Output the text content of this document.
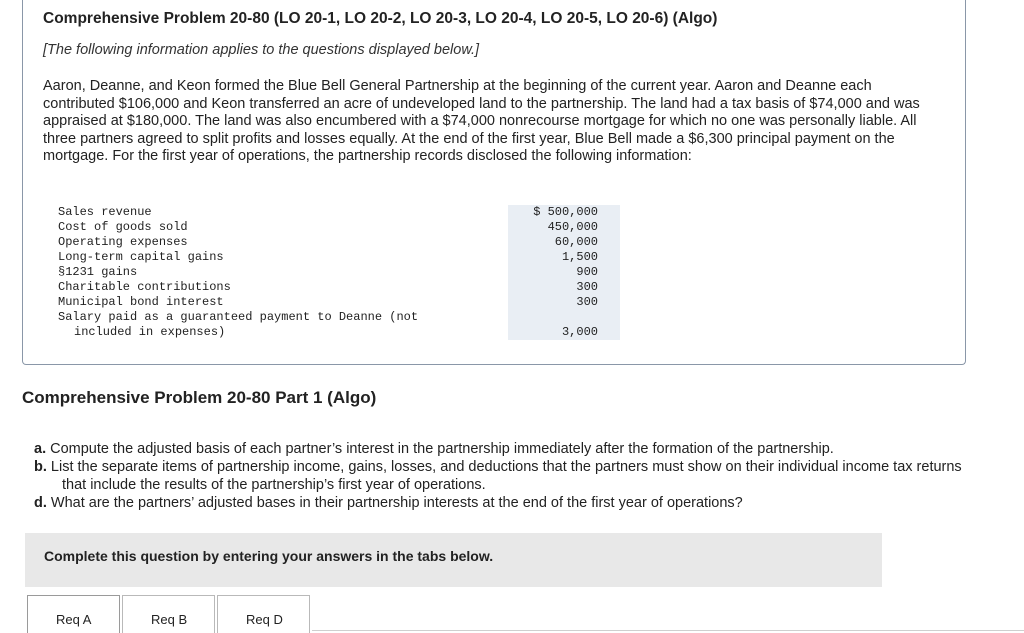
Comprehensive Problem 20-80 (LO 20-1, LO 20-2, LO 20-3, LO 20-4, LO 20-5, LO 20-6) (Algo)

[The following information applies to the questions displayed below.]

Aaron, Deanne, and Keon formed the Blue Bell General Partnership at the beginning of the current year. Aaron and Deanne each contributed $106,000 and Keon transferred an acre of undeveloped land to the partnership. The land had a tax basis of $74,000 and was appraised at $180,000. The land was also encumbered with a $74,000 nonrecourse mortgage for which no one was personally liable. All three partners agreed to split profits and losses equally. At the end of the first year, Blue Bell made a $6,300 principal payment on the mortgage. For the first year of operations, the partnership records disclosed the following information:

Sales revenue	$ 500,000
Cost of goods sold	450,000
Operating expenses	60,000
Long-term capital gains	1,500
§1231 gains	900
Charitable contributions	300
Municipal bond interest	300
Salary paid as a guaranteed payment to Deanne (not
included in expenses)	3,000
Comprehensive Problem 20-80 Part 1 (Algo)

a. Compute the adjusted basis of each partner’s interest in the partnership immediately after the formation of the partnership.

b. List the separate items of partnership income, gains, losses, and deductions that the partners must show on their individual income tax returns that include the results of the partnership’s first year of operations.

d. What are the partners’ adjusted bases in their partnership interests at the end of the first year of operations?

Complete this question by entering your answers in the tabs below.
Req A	Req B	Req D
